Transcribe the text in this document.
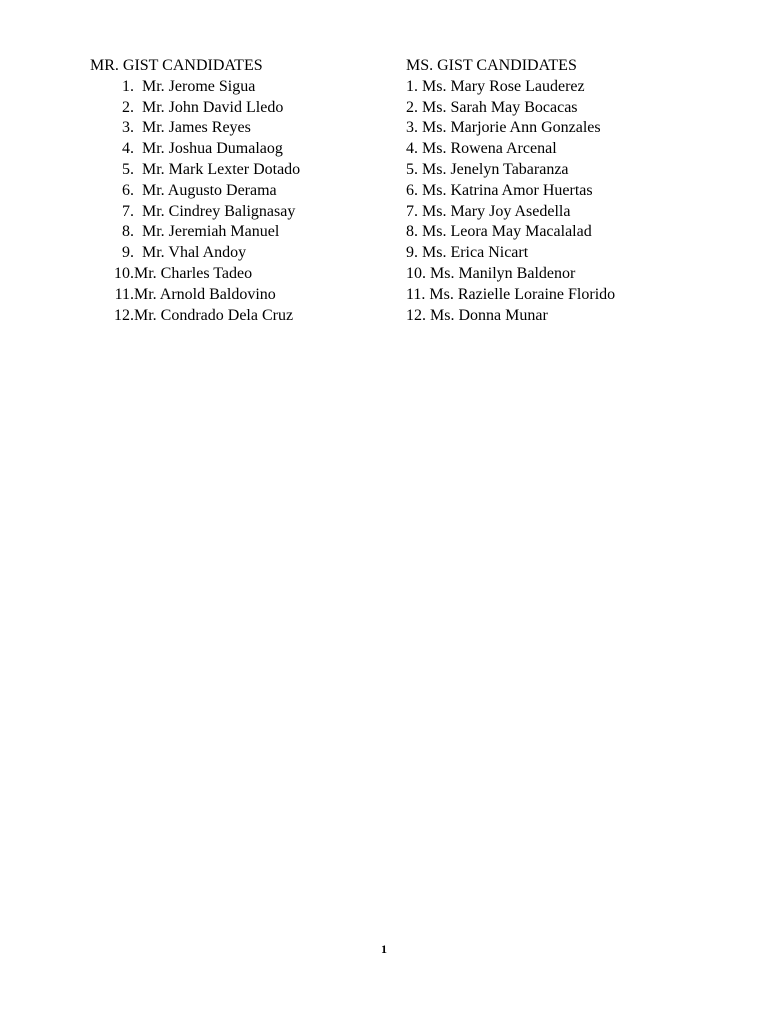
MR. GIST CANDIDATES
1. Mr. Jerome Sigua
2. Mr. John David Lledo
3. Mr. James Reyes
4. Mr. Joshua Dumalaog
5. Mr. Mark Lexter Dotado
6. Mr. Augusto Derama
7. Mr. Cindrey Balignasay
8. Mr. Jeremiah Manuel
9. Mr. Vhal Andoy
10. Mr. Charles Tadeo
11. Mr. Arnold Baldovino
12. Mr. Condrado Dela Cruz
MS. GIST CANDIDATES
1. Ms. Mary Rose Lauderez
2. Ms. Sarah May Bocacas
3. Ms. Marjorie Ann Gonzales
4. Ms. Rowena Arcenal
5. Ms. Jenelyn Tabaranza
6. Ms. Katrina Amor Huertas
7. Ms. Mary Joy Asedella
8. Ms. Leora May Macalalad
9. Ms. Erica Nicart
10. Ms. Manilyn Baldenor
11. Ms. Razielle Loraine Florido
12. Ms. Donna Munar
1
